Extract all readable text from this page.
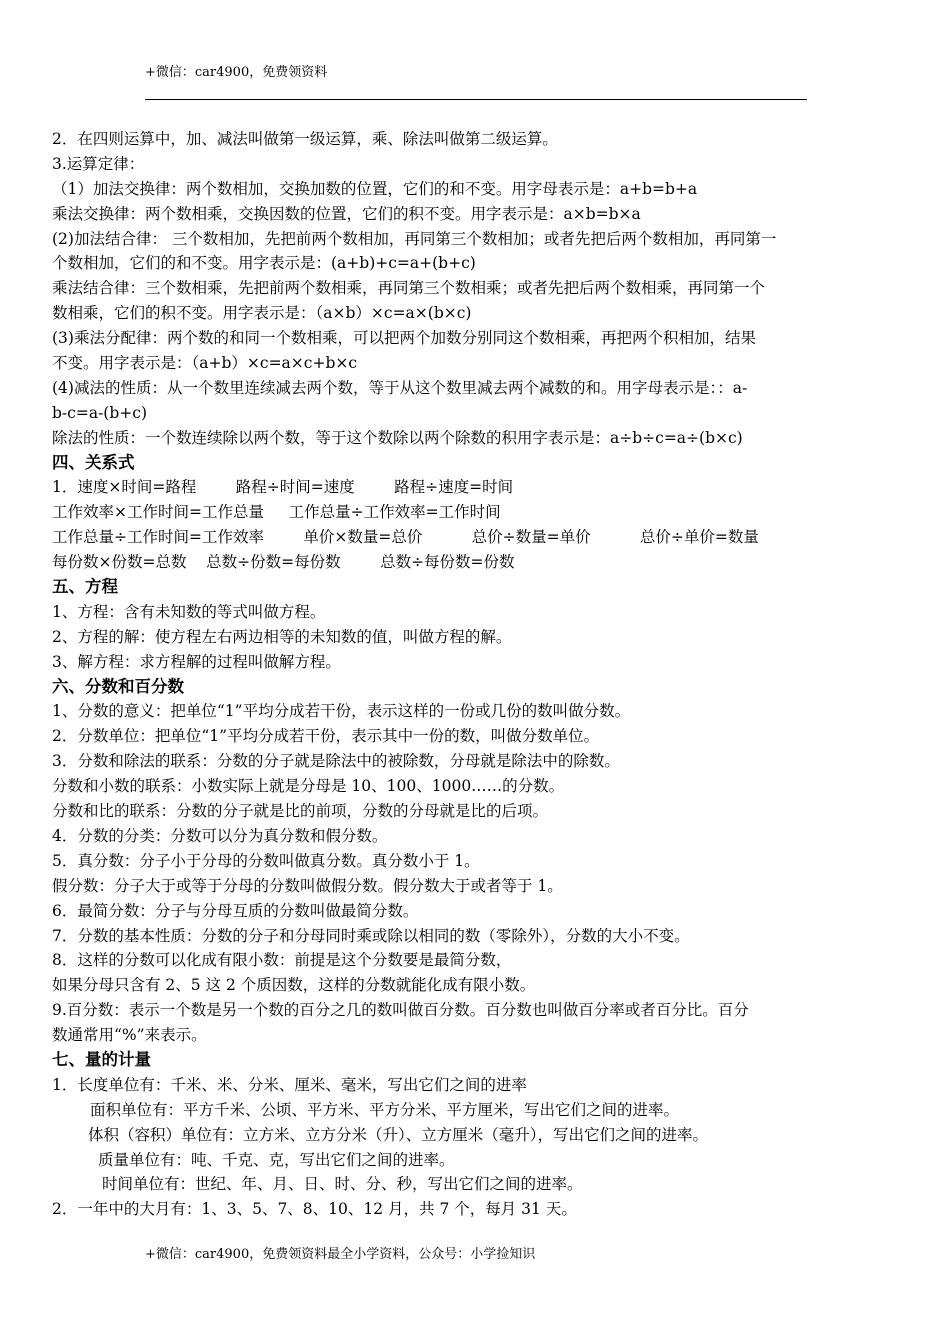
+微信：car4900，免费领资料
2．在四则运算中，加、减法叫做第一级运算，乘、除法叫做第二级运算。
3.运算定律：
（1）加法交换律：两个数相加，交换加数的位置，它们的和不变。用字母表示是：a+b=b+a
乘法交换律：两个数相乘，交换因数的位置，它们的积不变。用字表示是：a×b=b×a
(2)加法结合律： 三个数相加，先把前两个数相加，再同第三个数相加；或者先把后两个数相加，再同第一
个数相加，它们的和不变。用字表示是：(a+b)+c=a+(b+c)
乘法结合律：三个数相乘，先把前两个数相乘，再同第三个数相乘；或者先把后两个数相乘，再同第一个
数相乘，它们的积不变。用字表示是：（a×b）×c=a×(b×c)
(3)乘法分配律：两个数的和同一个数相乘，可以把两个加数分别同这个数相乘，再把两个积相加，结果
不变。用字表示是：（a+b）×c=a×c+b×c
(4)减法的性质：从一个数里连续减去两个数，等于从这个数里减去两个减数的和。用字母表示是：：a-
b-c=a-(b+c)
除法的性质：一个数连续除以两个数，等于这个数除以两个除数的积用字表示是：a÷b÷c=a÷(b×c)
四、关系式
1．速度×时间=路程        路程÷时间=速度        路程÷速度=时间
工作效率×工作时间=工作总量     工作总量÷工作效率=工作时间
工作总量÷工作时间=工作效率        单价×数量=总价          总价÷数量=单价          总价÷单价=数量
每份数×份数=总数    总数÷份数=每份数        总数÷每份数=份数
五、方程
1、方程：含有未知数的等式叫做方程。
2、方程的解：使方程左右两边相等的未知数的值，叫做方程的解。
3、解方程：求方程解的过程叫做解方程。
六、分数和百分数
1、分数的意义：把单位“1”平均分成若干份，表示这样的一份或几份的数叫做分数。
2．分数单位：把单位“1”平均分成若干份，表示其中一份的数，叫做分数单位。
3．分数和除法的联系：分数的分子就是除法中的被除数，分母就是除法中的除数。
分数和小数的联系：小数实际上就是分母是 10、100、1000……的分数。
分数和比的联系：分数的分子就是比的前项，分数的分母就是比的后项。
4．分数的分类：分数可以分为真分数和假分数。
5．真分数：分子小于分母的分数叫做真分数。真分数小于 1。
假分数：分子大于或等于分母的分数叫做假分数。假分数大于或者等于 1。
6．最简分数：分子与分母互质的分数叫做最简分数。
7．分数的基本性质：分数的分子和分母同时乘或除以相同的数（零除外），分数的大小不变。
8．这样的分数可以化成有限小数：前提是这个分数要是最简分数，
如果分母只含有 2、5 这 2 个质因数，这样的分数就能化成有限小数。
9.百分数：表示一个数是另一个数的百分之几的数叫做百分数。百分数也叫做百分率或者百分比。百分
数通常用“%”来表示。
七、量的计量
1．长度单位有：千米、米、分米、厘米、毫米，写出它们之间的进率
面积单位有：平方千米、公顷、平方米、平方分米、平方厘米，写出它们之间的进率。
体积（容积）单位有：立方米、立方分米（升）、立方厘米（毫升），写出它们之间的进率。
质量单位有：吨、千克、克，写出它们之间的进率。
时间单位有：世纪、年、月、日、时、分、秒，写出它们之间的进率。
2．一年中的大月有：1、3、5、7、8、10、12 月，共 7 个，每月 31 天。
+微信：car4900，免费领资料最全小学资料，公众号：小学捡知识
